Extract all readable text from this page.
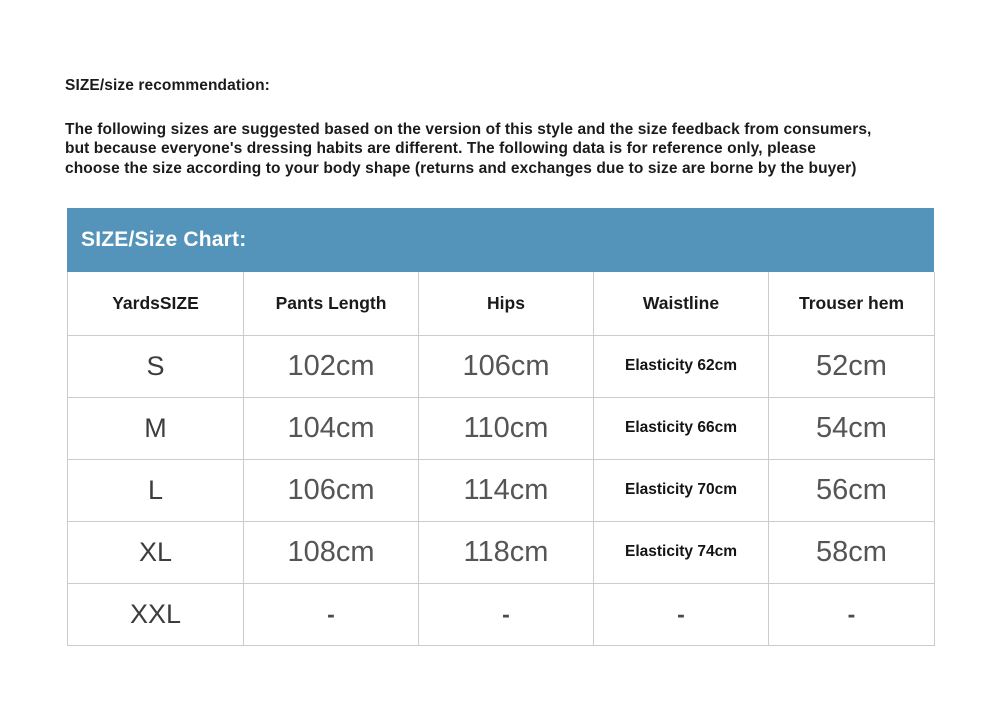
SIZE/size recommendation:
The following sizes are suggested based on the version of this style and the size feedback from consumers,
but because everyone's dressing habits are different. The following data is for reference only, please
choose the size according to your body shape (returns and exchanges due to size are borne by the buyer)
SIZE/Size Chart:
YardsSIZE	Pants Length	Hips	Waistline	Trouser hem
S	102cm	106cm	Elasticity 62cm	52cm
M	104cm	110cm	Elasticity 66cm	54cm
L	106cm	114cm	Elasticity 70cm	56cm
XL	108cm	118cm	Elasticity 74cm	58cm
XXL	-	-	-	-
